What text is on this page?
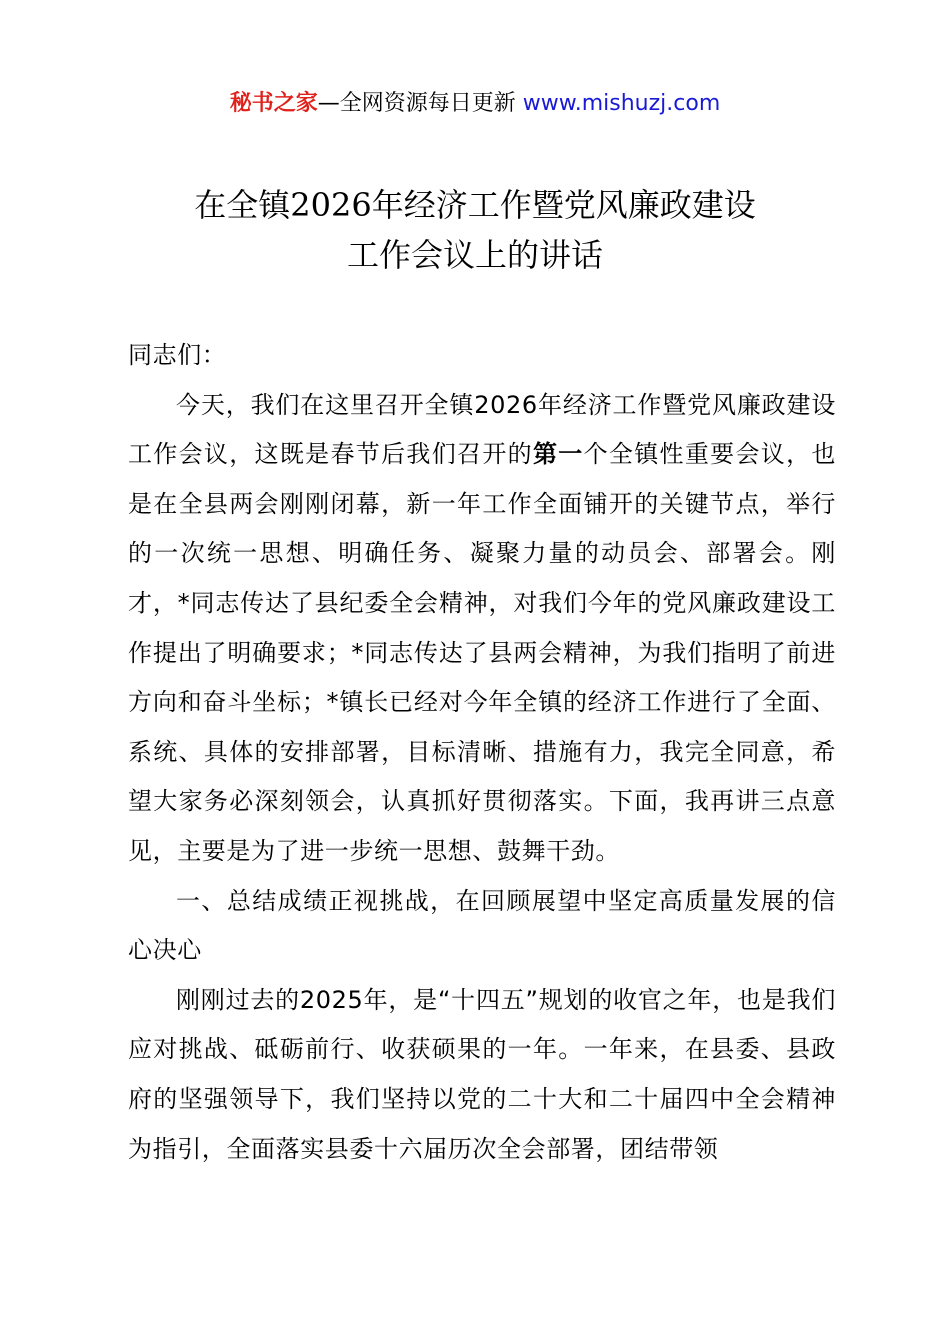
秘书之家—全网资源每日更新 www.mishuzj.com
在全镇2026年经济工作暨党风廉政建设
工作会议上的讲话

同志们：

今天，我们在这里召开全镇2026年经济工作暨党风廉政建设工作会议，这既是春节后我们召开的第一个全镇性重要会议，也是在全县两会刚刚闭幕，新一年工作全面铺开的关键节点，举行的一次统一思想、明确任务、凝聚力量的动员会、部署会。刚才，*同志传达了县纪委全会精神，对我们今年的党风廉政建设工作提出了明确要求；*同志传达了县两会精神，为我们指明了前进方向和奋斗坐标；*镇长已经对今年全镇的经济工作进行了全面、系统、具体的安排部署，目标清晰、措施有力，我完全同意，希望大家务必深刻领会，认真抓好贯彻落实。下面，我再讲三点意见，主要是为了进一步统一思想、鼓舞干劲。

一、总结成绩正视挑战，在回顾展望中坚定高质量发展的信心决心

刚刚过去的2025年，是“十四五”规划的收官之年，也是我们应对挑战、砥砺前行、收获硕果的一年。一年来，在县委、县政府的坚强领导下，我们坚持以党的二十大和二十届四中全会精神为指引，全面落实县委十六届历次全会部署，团结带领
